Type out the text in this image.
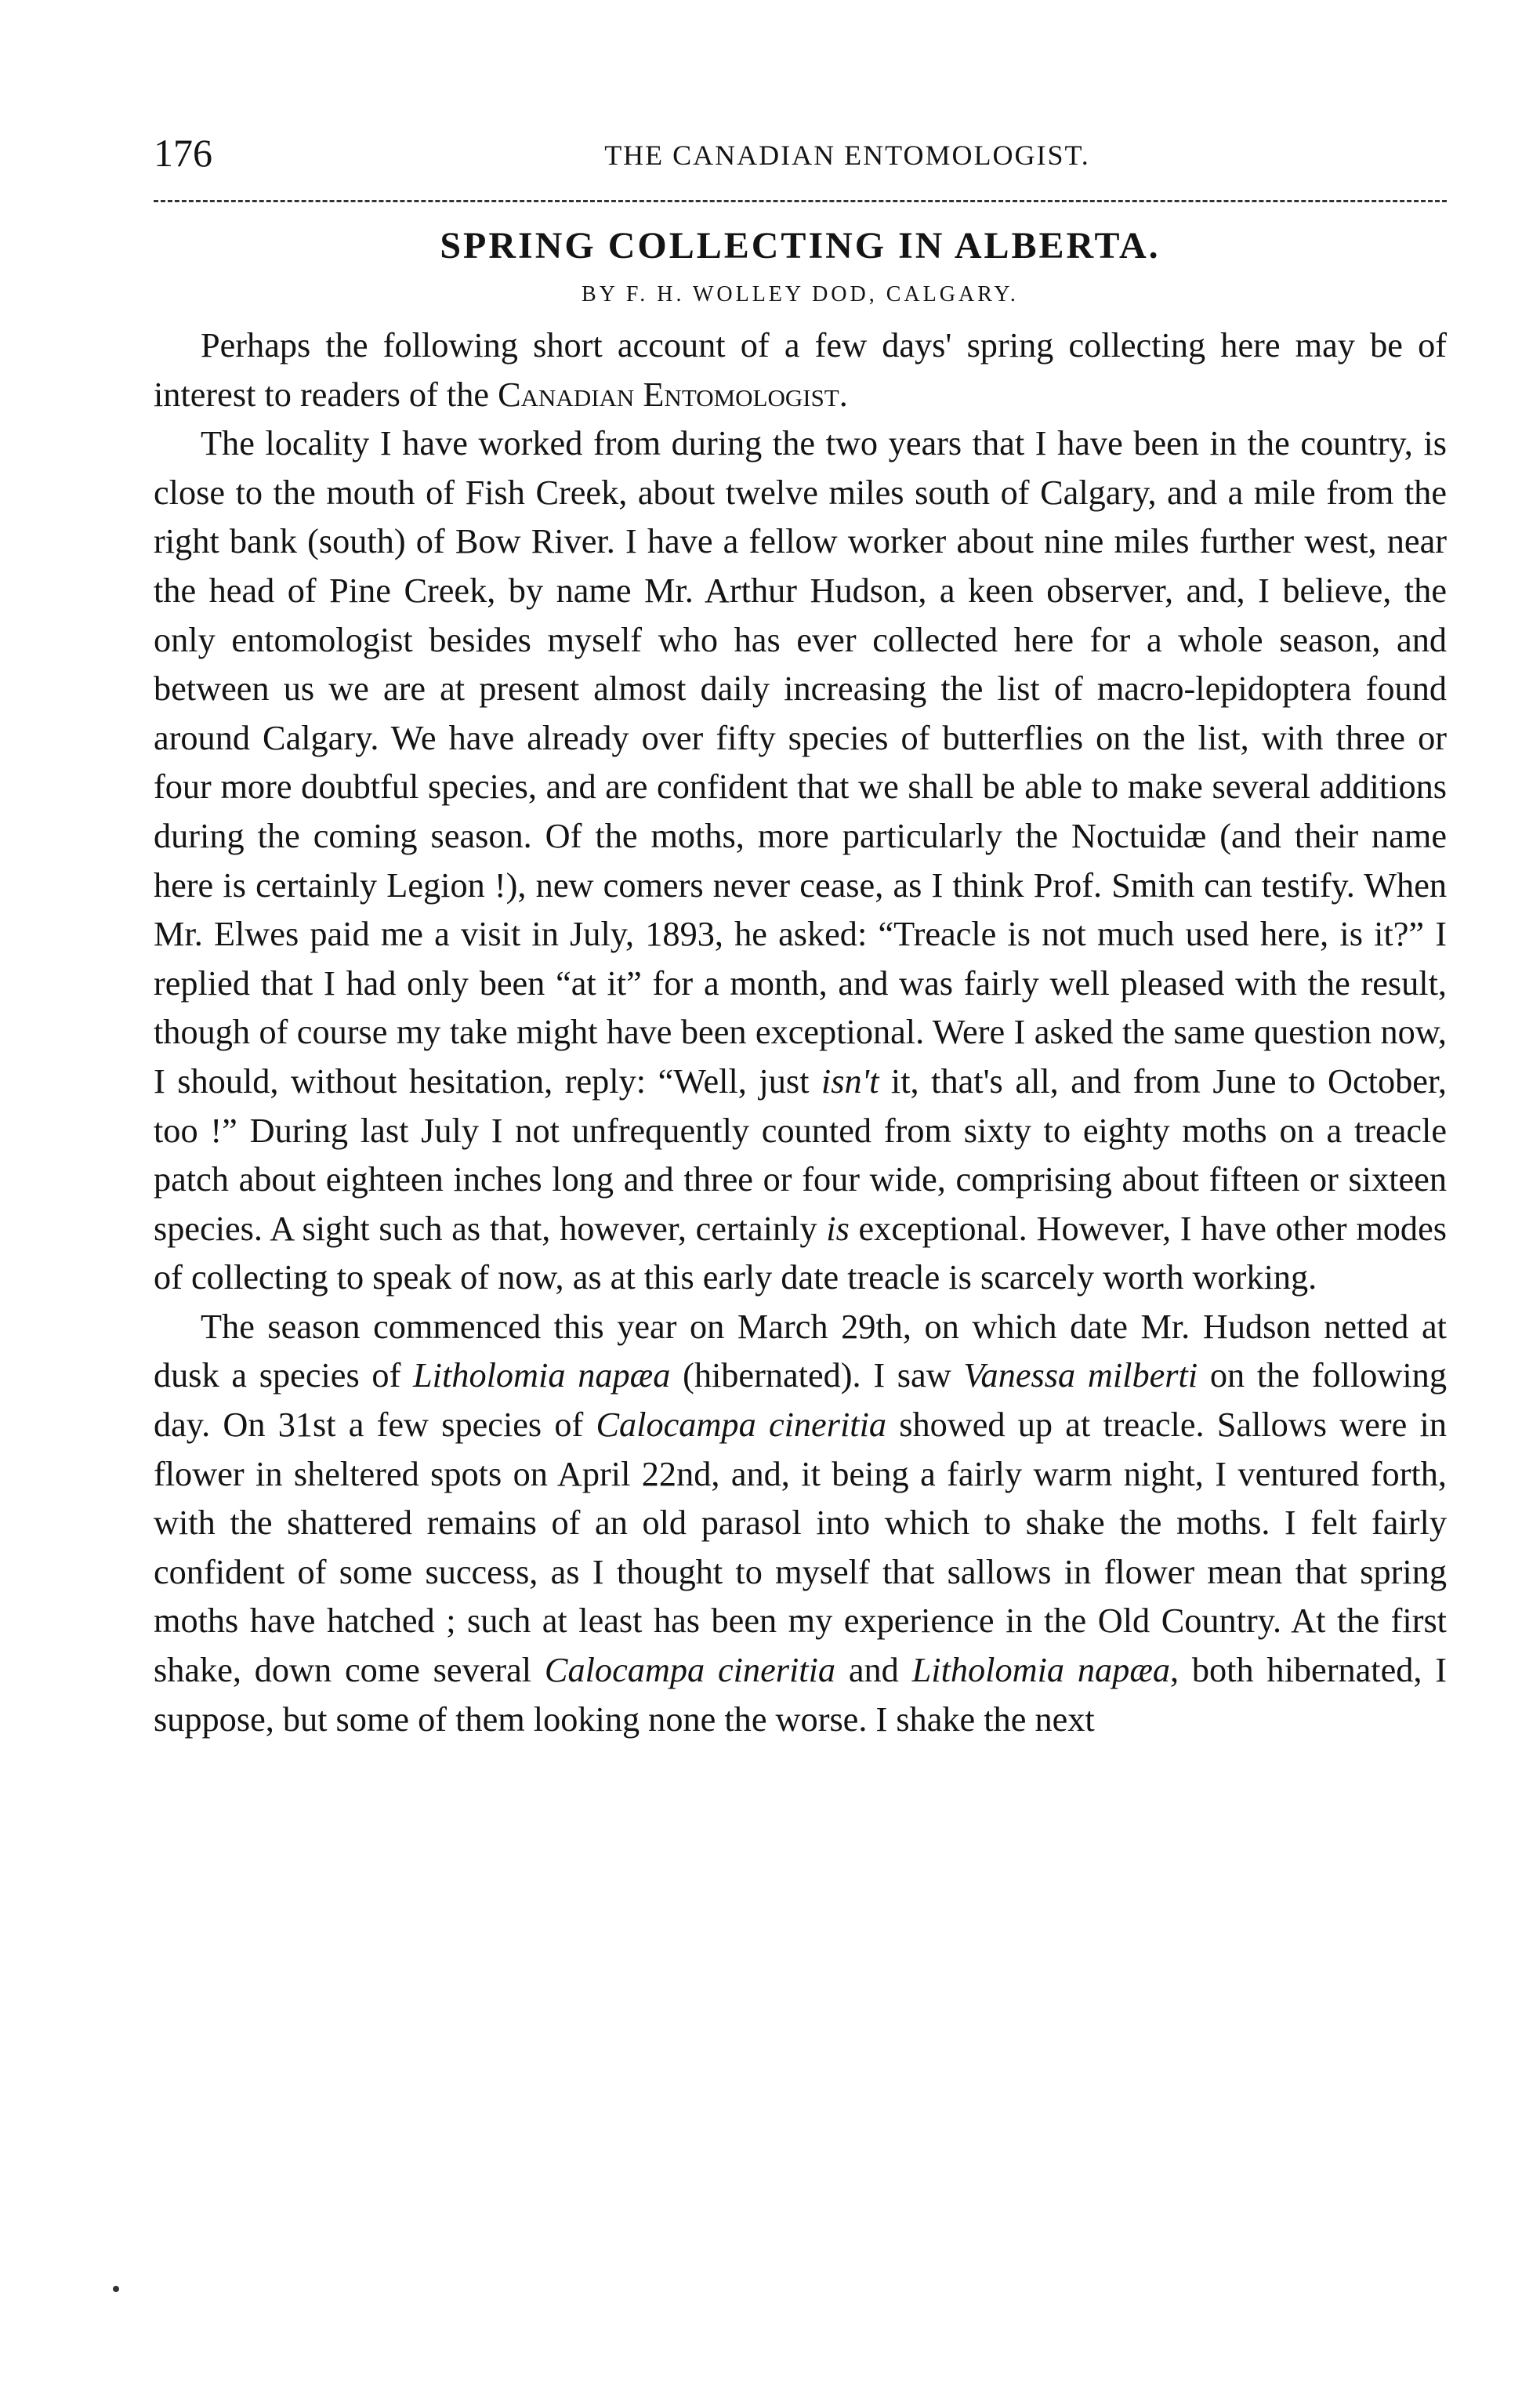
176	THE CANADIAN ENTOMOLOGIST.
SPRING COLLECTING IN ALBERTA.
BY F. H. WOLLEY DOD, CALGARY.

Perhaps the following short account of a few days' spring collecting here may be of interest to readers of the Canadian Entomologist.

The locality I have worked from during the two years that I have been in the country, is close to the mouth of Fish Creek, about twelve miles south of Calgary, and a mile from the right bank (south) of Bow River. I have a fellow worker about nine miles further west, near the head of Pine Creek, by name Mr. Arthur Hudson, a keen observer, and, I believe, the only entomologist besides myself who has ever collected here for a whole season, and between us we are at present almost daily increasing the list of macro-lepidoptera found around Calgary. We have already over fifty species of butterflies on the list, with three or four more doubtful species, and are confident that we shall be able to make several additions during the coming season. Of the moths, more particularly the Noctuidæ (and their name here is certainly Legion !), new comers never cease, as I think Prof. Smith can testify. When Mr. Elwes paid me a visit in July, 1893, he asked: “Treacle is not much used here, is it?” I replied that I had only been “at it” for a month, and was fairly well pleased with the result, though of course my take might have been exceptional. Were I asked the same question now, I should, without hesitation, reply: “Well, just isn't it, that's all, and from June to October, too !” During last July I not unfrequently counted from sixty to eighty moths on a treacle patch about eighteen inches long and three or four wide, comprising about fifteen or sixteen species. A sight such as that, however, certainly is exceptional. However, I have other modes of collecting to speak of now, as at this early date treacle is scarcely worth working.

The season commenced this year on March 29th, on which date Mr. Hudson netted at dusk a species of Litholomia napæa (hibernated). I saw Vanessa milberti on the following day. On 31st a few species of Calocampa cineritia showed up at treacle. Sallows were in flower in sheltered spots on April 22nd, and, it being a fairly warm night, I ventured forth, with the shattered remains of an old parasol into which to shake the moths. I felt fairly confident of some success, as I thought to myself that sallows in flower mean that spring moths have hatched ; such at least has been my experience in the Old Country. At the first shake, down come several Calocampa cineritia and Litholomia napæa, both hibernated, I suppose, but some of them looking none the worse. I shake the next
